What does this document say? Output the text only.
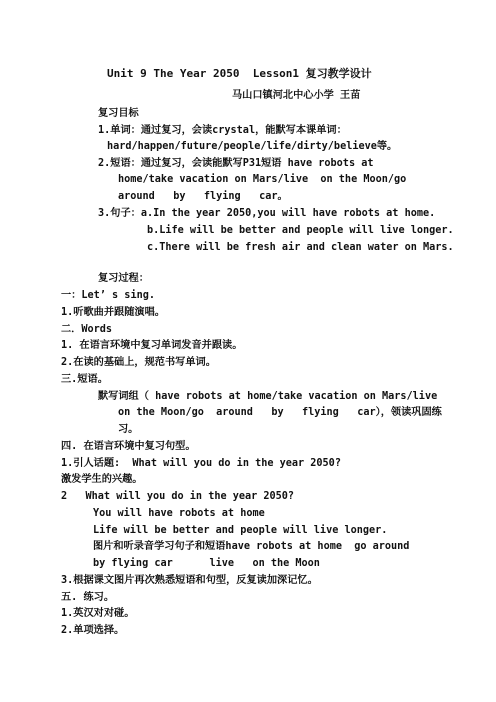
Unit 9 The Year 2050  Lesson1 复习教学设计
马山口镇河北中心小学 王苗
复习目标
1.单词：通过复习，会读crystal，能默写本课单词：
hard/happen/future/people/life/dirty/believe等。
2.短语：通过复习，会读能默写P31短语 have robots at
home/take vacation on Mars/live  on the Moon/go
around   by   flying   car。
3.句子：a.In the year 2050,you will have robots at home.
b.Life will be better and people will live longer.
c.There will be fresh air and clean water on Mars.
复习过程：
一：Let’ s sing.
1.听歌曲并跟随演唱。
二．Words
1. 在语言环境中复习单词发音并跟读。
2.在读的基础上，规范书写单词。
三.短语。
默写词组（ have robots at home/take vacation on Mars/live
on the Moon/go  around   by   flying   car），领读巩固练
习。
四. 在语言环境中复习句型。
1.引人话题:  What will you do in the year 2050?
激发学生的兴趣。
2   What will you do in the year 2050?
You will have robots at home
Life will be better and people will live longer.
图片和听录音学习句子和短语have robots at home  go around
by flying car      live   on the Moon
3.根据课文图片再次熟悉短语和句型，反复读加深记忆。
五. 练习。
1.英汉对对碰。
2.单项选择。
